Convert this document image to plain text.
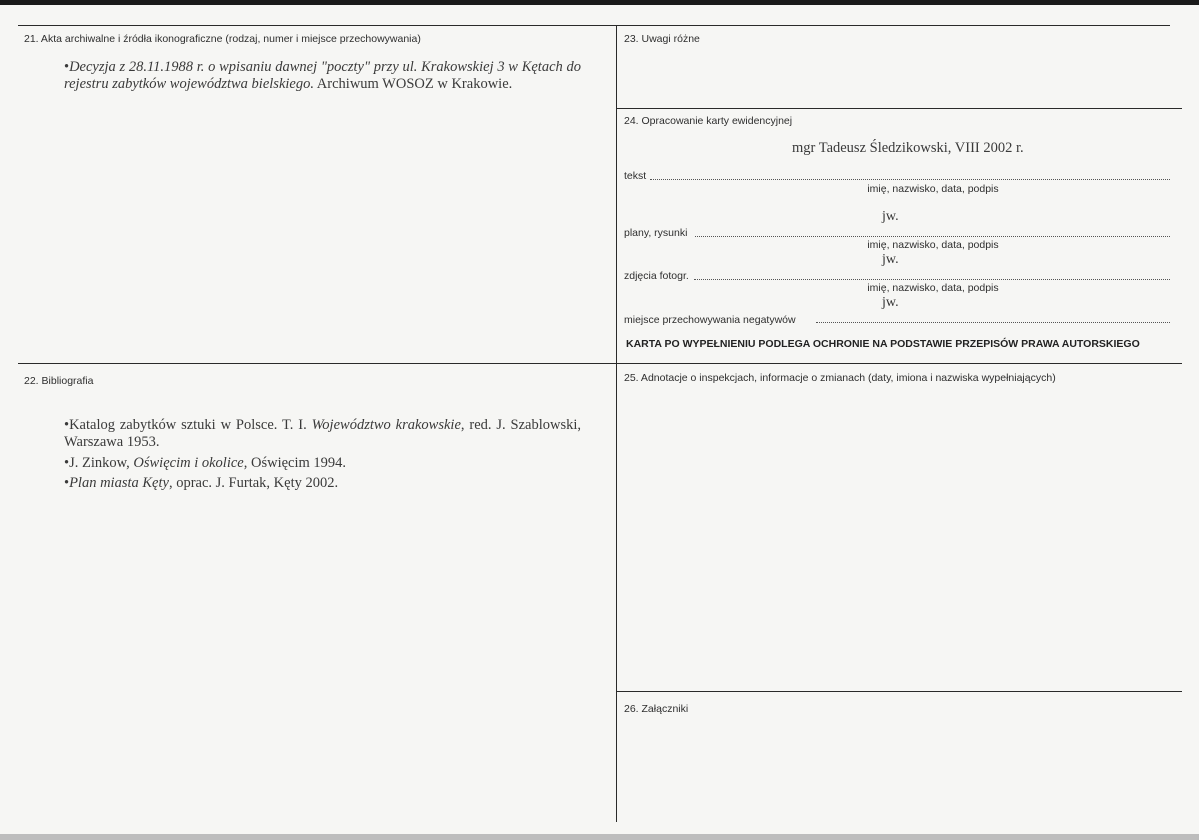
21. Akta archiwalne i źródła ikonograficzne (rodzaj, numer i miejsce przechowywania)
•Decyzja z 28.11.1988 r. o wpisaniu dawnej "poczty" przy ul. Krakowskiej 3 w Kętach do rejestru zabytków województwa bielskiego. Archiwum WOSOZ w Krakowie.
23. Uwagi różne
24. Opracowanie karty ewidencyjnej
mgr Tadeusz Śledzikowski, VIII 2002 r.
tekst
imię, nazwisko, data, podpis
jw.
plany, rysunki
imię, nazwisko, data, podpis
jw.
zdjęcia fotogr.
imię, nazwisko, data, podpis
jw.
miejsce przechowywania negatywów
KARTA PO WYPEŁNIENIU PODLEGA OCHRONIE NA PODSTAWIE PRZEPISÓW PRAWA AUTORSKIEGO
22. Bibliografia
•Katalog zabytków sztuki w Polsce. T. I. Województwo krakowskie, red. J. Szablowski, Warszawa 1953.
•J. Zinkow, Oświęcim i okolice, Oświęcim 1994.
•Plan miasta Kęty, oprac. J. Furtak, Kęty 2002.
25. Adnotacje o inspekcjach, informacje o zmianach (daty, imiona i nazwiska wypełniających)
26. Załączniki
